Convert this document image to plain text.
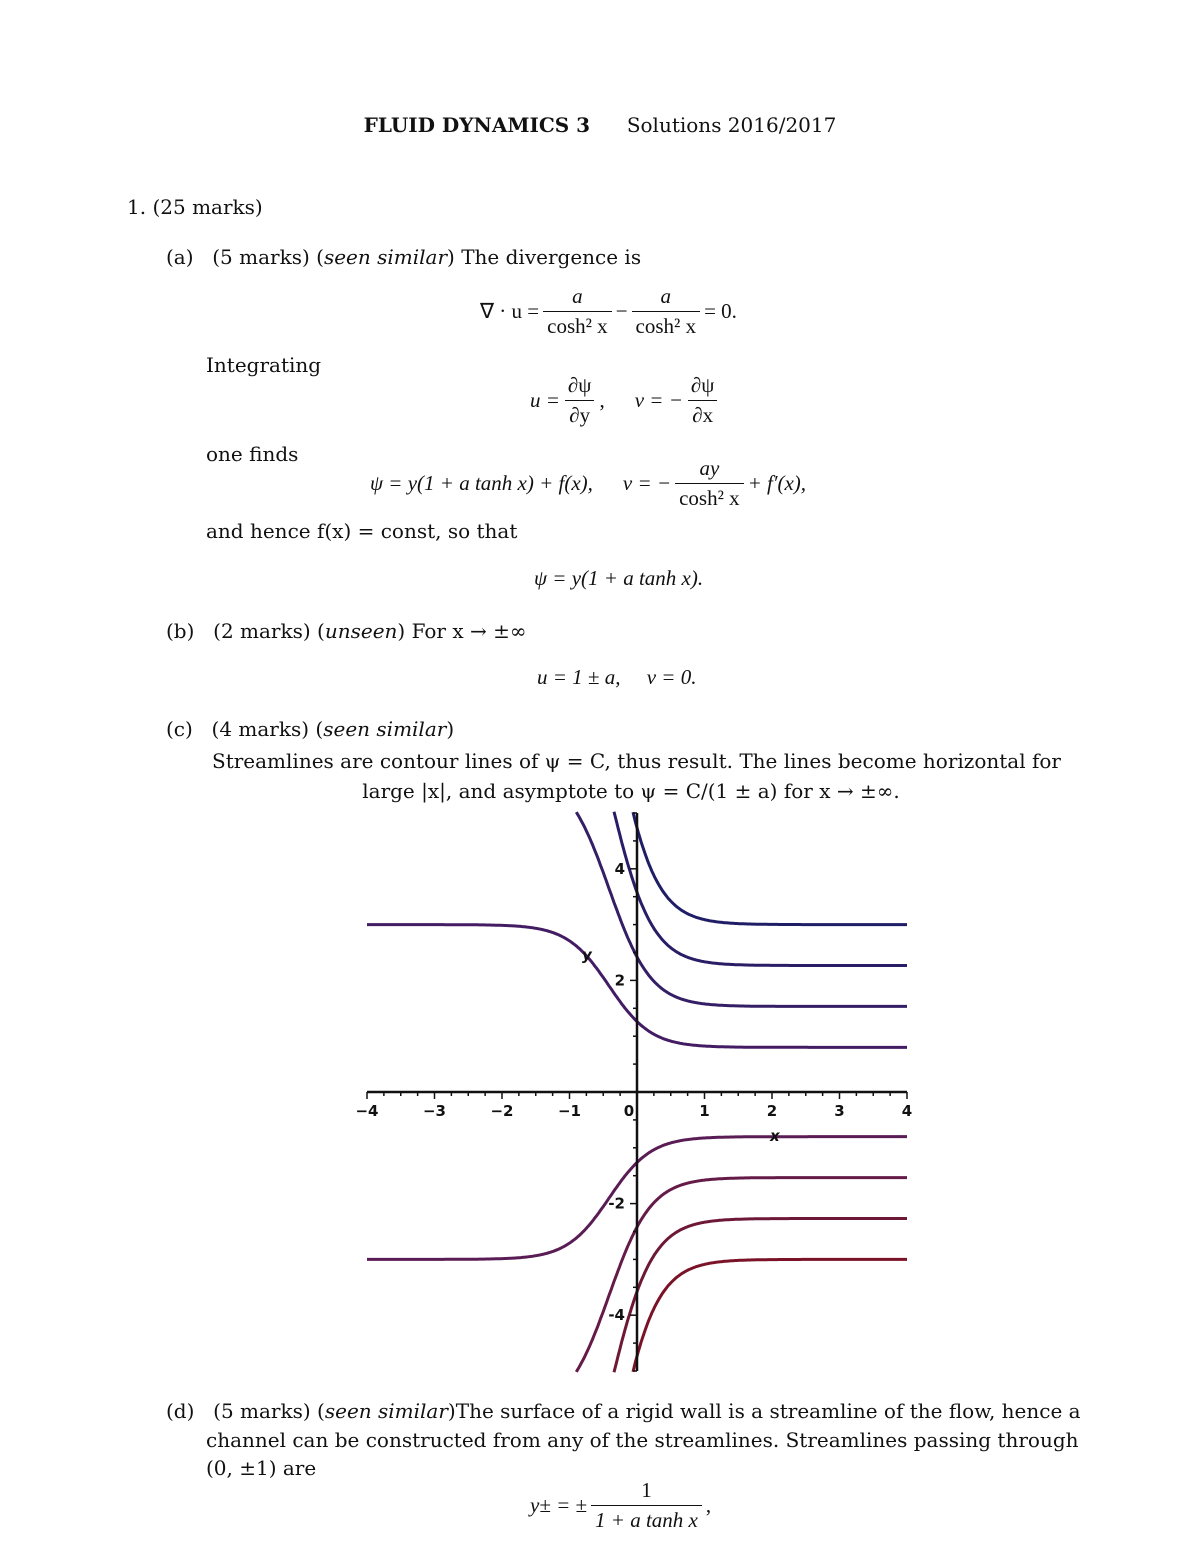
FLUID DYNAMICS 3 Solutions 2016/2017
1. (25 marks)
(a) (5 marks) (seen similar) The divergence is
∇ · $u = \frac{a}{\text{cosh² x}} - \frac{a}{\text{cosh² x}} = 0$.
Integrating
$u = \frac{\partial\psi}{\partial y}$ , v = − $\frac{\partial\psi}{\partial x}$
one finds
ψ = y(1 + a tanh x) + f(x), v = − $\frac{ay}{\text{cosh² x}} + f'(x)$,
and hence f(x) = const, so that
ψ = y(1 + a tanh x).
(b) (2 marks) (unseen) For x → ±∞
u = 1 ± a,     v = 0.
(c) (4 marks) (seen similar)
Streamlines are contour lines of ψ = C, thus result. The lines become horizontal for
large |x|, and asymptote to ψ = C/(1 ± a) for x → ±∞.
−4	−3	−2	−1	0	1	2	3	4
4
2
-2
-4
x
y
(d) (5 marks) (seen similar)The surface of a rigid wall is a streamline of the flow, hence a
channel can be constructed from any of the streamlines. Streamlines passing through
(0, ±1) are
y± = ± $\frac{1}{\text{1 + a tanh x}}$ ,
